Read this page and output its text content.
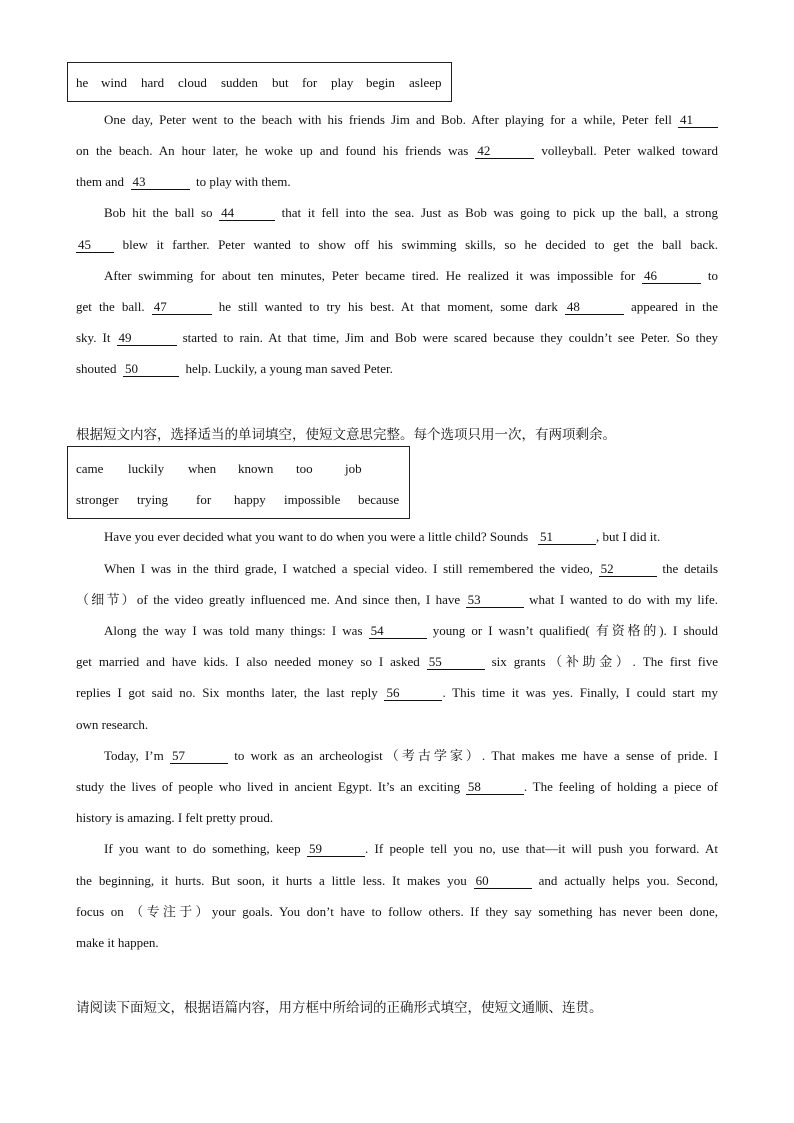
he wind hard cloud sudden but for play begin asleep
One day, Peter went to the beach with his friends Jim and Bob. After playing for a while, Peter fell 41
on the beach. An hour later, he woke up and found his friends was 42	volleyball. Peter walked toward
them and 43	to play with them.
Bob hit the ball so 44	that it fell into the sea. Just as Bob was going to pick up the ball, a strong
45 blew it farther. Peter wanted to show off his swimming skills, so he decided to get the ball back.
After swimming for about ten minutes, Peter became tired. He realized it was impossible for 46	to
get the ball. 47	he still wanted to try his best. At that moment, some dark 48	appeared in the
sky. It 49	started to rain. At that time, Jim and Bob were scared because they couldn’t see Peter. So they
shouted 50	help. Luckily, a young man saved Peter.
根据短文内容，选择适当的单词填空，使短文意思完整。每个选项只用一次，有两项剩余。
came luckily when known too job
stronger trying for happy impossible because
Have you ever decided what you want to do when you were a little child? Sounds 51	, but I did it.
When I was in the third grade, I watched a special video. I still remembered the video, 52	the details
（细节）of the video greatly influenced me. And since then, I have 53	what I wanted to do with my life.
Along the way I was told many things: I was 54	young or I wasn’t qualified( 有资格的). I should
get married and have kids. I also needed money so I asked 55	six grants（补助金）. The first five
replies I got said no. Six months later, the last reply 56	. This time it was yes. Finally, I could start my
own research.
Today, I’m 57	to work as an archeologist（考古学家）. That makes me have a sense of pride. I
study the lives of people who lived in ancient Egypt. It’s an exciting 58	. The feeling of holding a piece of
history is amazing. I felt pretty proud.
If you want to do something, keep 59	. If people tell you no, use that—it will push you forward. At
the beginning, it hurts. But soon, it hurts a little less. It makes you 60	and actually helps you. Second,
focus on （专注于）your goals. You don’t have to follow others. If they say something has never been done,
make it happen.
请阅读下面短文，根据语篇内容，用方框中所给词的正确形式填空，使短文通顺、连贯。
